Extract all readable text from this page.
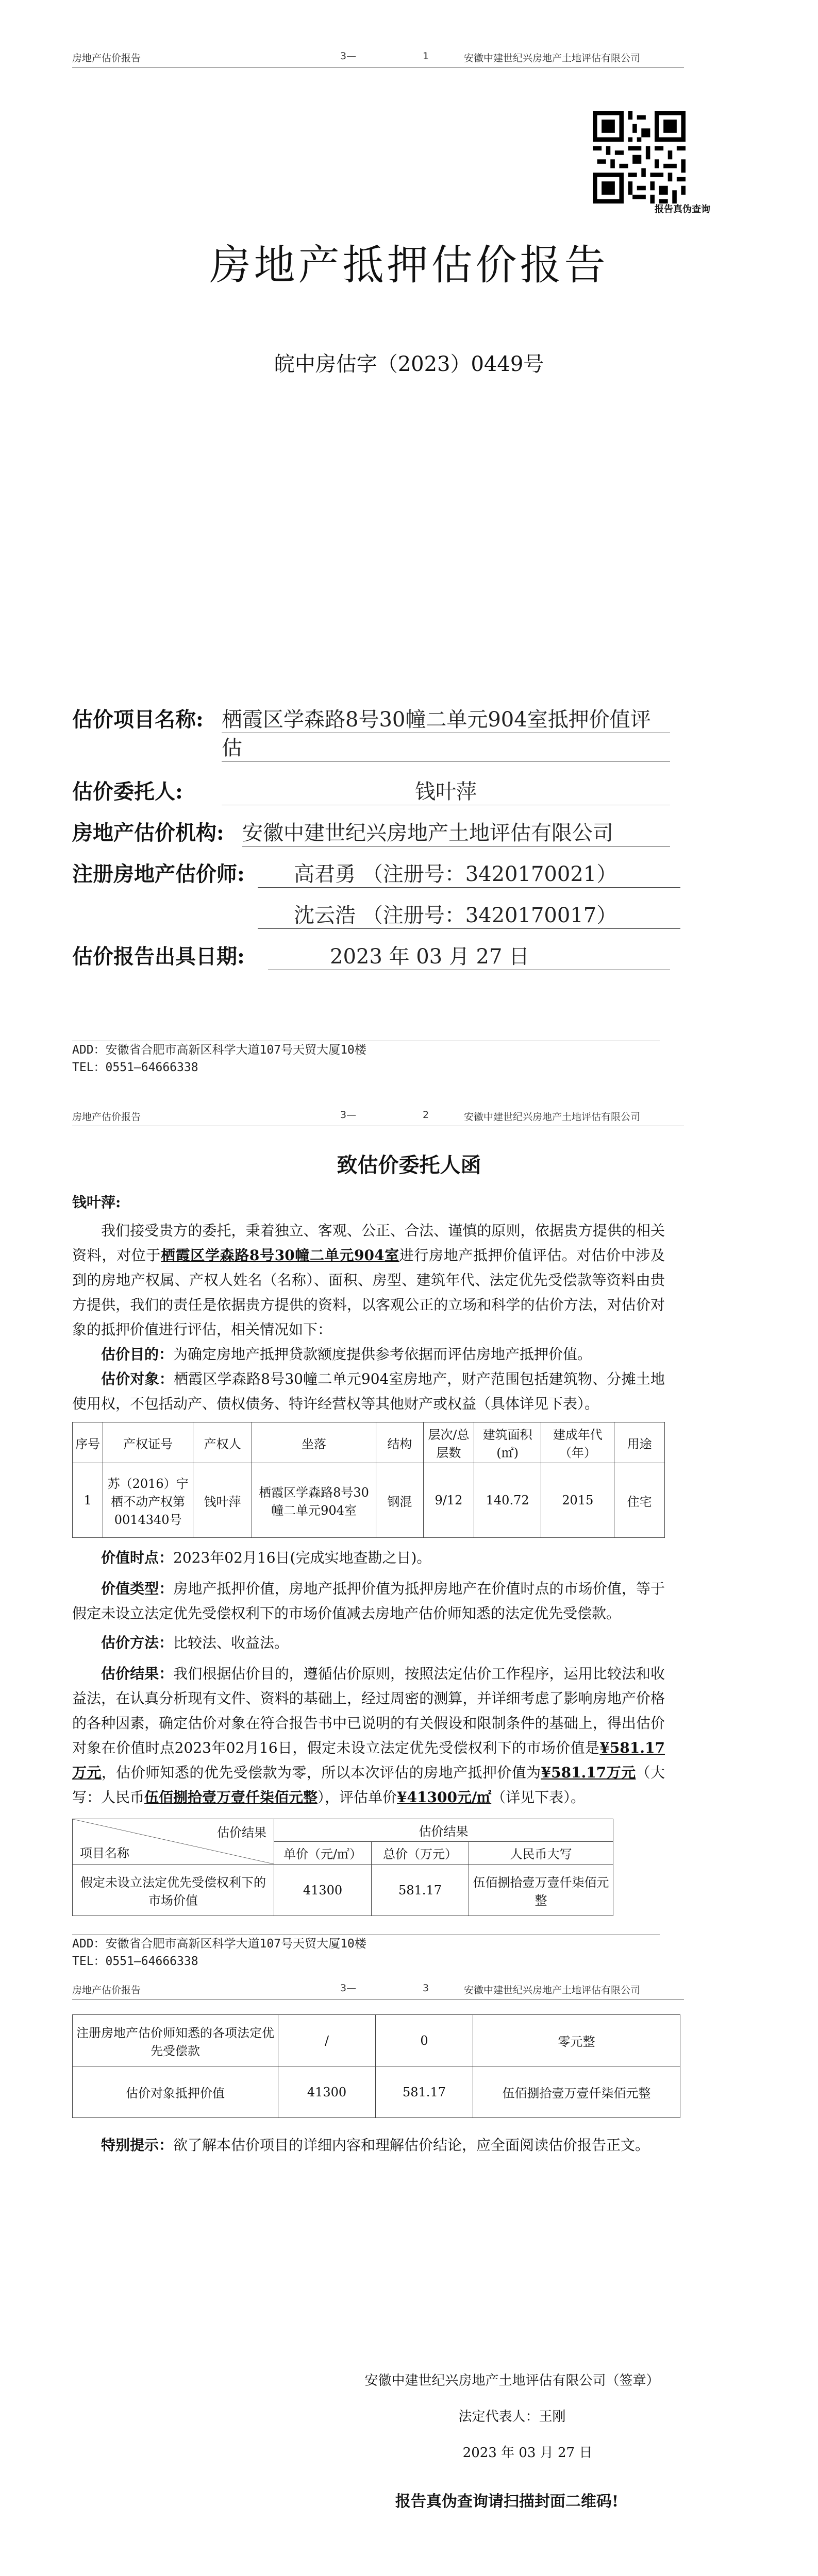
房地产估价报告	3—	1	安徽中建世纪兴房地产土地评估有限公司
报告真伪查询
房地产抵押估价报告
皖中房估字（2023）0449号
估价项目名称: 栖霞区学森路8号30幢二单元904室抵押价值评
估
估价委托人:	钱叶萍
房地产估价机构: 安徽中建世纪兴房地产土地评估有限公司
注册房地产估价师:	高君勇 （注册号：3420170021）
沈云浩 （注册号：3420170017）
估价报告出具日期:	2023 年 03 月 27 日
ADD：安徽省合肥市高新区科学大道107号天贸大厦10楼
TEL：0551—64666338
房地产估价报告	3—	2	安徽中建世纪兴房地产土地评估有限公司
致估价委托人函
钱叶萍:
我们接受贵方的委托，秉着独立、客观、公正、合法、谨慎的原则，依据贵方提供的相关资料，对位于栖霞区学森路8号30幢二单元904室进行房地产抵押价值评估。对估价中涉及到的房地产权属、产权人姓名（名称）、面积、房型、建筑年代、法定优先受偿款等资料由贵方提供，我们的责任是依据贵方提供的资料，以客观公正的立场和科学的估价方法，对估价对象的抵押价值进行评估，相关情况如下：
估价目的：为确定房地产抵押贷款额度提供参考依据而评估房地产抵押价值。
估价对象：栖霞区学森路8号30幢二单元904室房地产，财产范围包括建筑物、分摊土地使用权，不包括动产、债权债务、特许经营权等其他财产或权益（具体详见下表）。
序号	产权证号	产权人	坐落	结构	层次/总层数	建筑面积(㎡)	建成年代（年）	用途
1	苏（2016）宁栖不动产权第0014340号	钱叶萍	栖霞区学森路8号30幢二单元904室	钢混	9/12	140.72	2015	住宅
价值时点：2023年02月16日(完成实地查勘之日)。
价值类型：房地产抵押价值，房地产抵押价值为抵押房地产在价值时点的市场价值，等于假定未设立法定优先受偿权利下的市场价值减去房地产估价师知悉的法定优先受偿款。
估价方法：比较法、收益法。
估价结果：我们根据估价目的，遵循估价原则，按照法定估价工作程序，运用比较法和收益法，在认真分析现有文件、资料的基础上，经过周密的测算，并详细考虑了影响房地产价格的各种因素，确定估价对象在符合报告书中已说明的有关假设和限制条件的基础上，得出估价对象在价值时点2023年02月16日，假定未设立法定优先受偿权利下的市场价值是¥581.17万元，估价师知悉的优先受偿款为零，所以本次评估的房地产抵押价值为¥581.17万元（大写：人民币伍佰捌拾壹万壹仟柒佰元整），评估单价¥41300元/㎡（详见下表）。
估价结果
项目名称	估价结果		
	单价（元/㎡）	总价（万元）	人民币大写
假定未设立法定优先受偿权利下的市场价值	41300	581.17	伍佰捌拾壹万壹仟柒佰元整
ADD：安徽省合肥市高新区科学大道107号天贸大厦10楼
TEL：0551—64666338
房地产估价报告	3—	3	安徽中建世纪兴房地产土地评估有限公司
注册房地产估价师知悉的各项法定优先受偿款	/	0	零元整
估价对象抵押价值	41300	581.17	伍佰捌拾壹万壹仟柒佰元整
特别提示：欲了解本估价项目的详细内容和理解估价结论，应全面阅读估价报告正文。
安徽中建世纪兴房地产土地评估有限公司（签章）
法定代表人：王刚
2023 年 03 月 27 日
报告真伪查询请扫描封面二维码!
